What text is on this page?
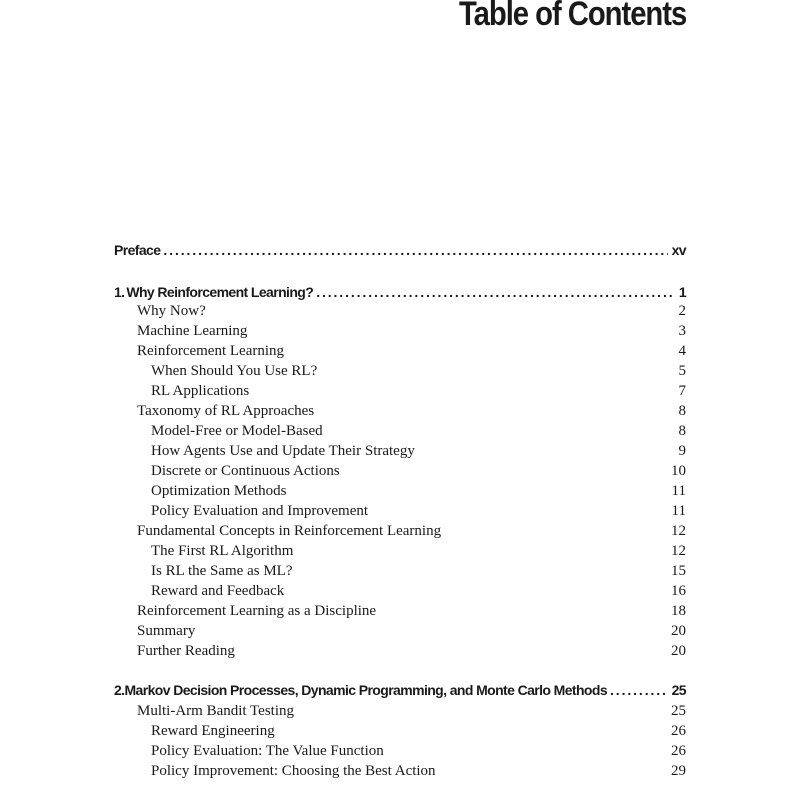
Table of Contents
Preface . . .	xv
1. Why Reinforcement Learning? . . .	1
Why Now?	2
Machine Learning	3
Reinforcement Learning	4
When Should You Use RL?	5
RL Applications	7
Taxonomy of RL Approaches	8
Model-Free or Model-Based	8
How Agents Use and Update Their Strategy	9
Discrete or Continuous Actions	10
Optimization Methods	11
Policy Evaluation and Improvement	11
Fundamental Concepts in Reinforcement Learning	12
The First RL Algorithm	12
Is RL the Same as ML?	15
Reward and Feedback	16
Reinforcement Learning as a Discipline	18
Summary	20
Further Reading	20
2. Markov Decision Processes, Dynamic Programming, and Monte Carlo Methods . . .	25
Multi-Arm Bandit Testing	25
Reward Engineering	26
Policy Evaluation: The Value Function	26
Policy Improvement: Choosing the Best Action	29
